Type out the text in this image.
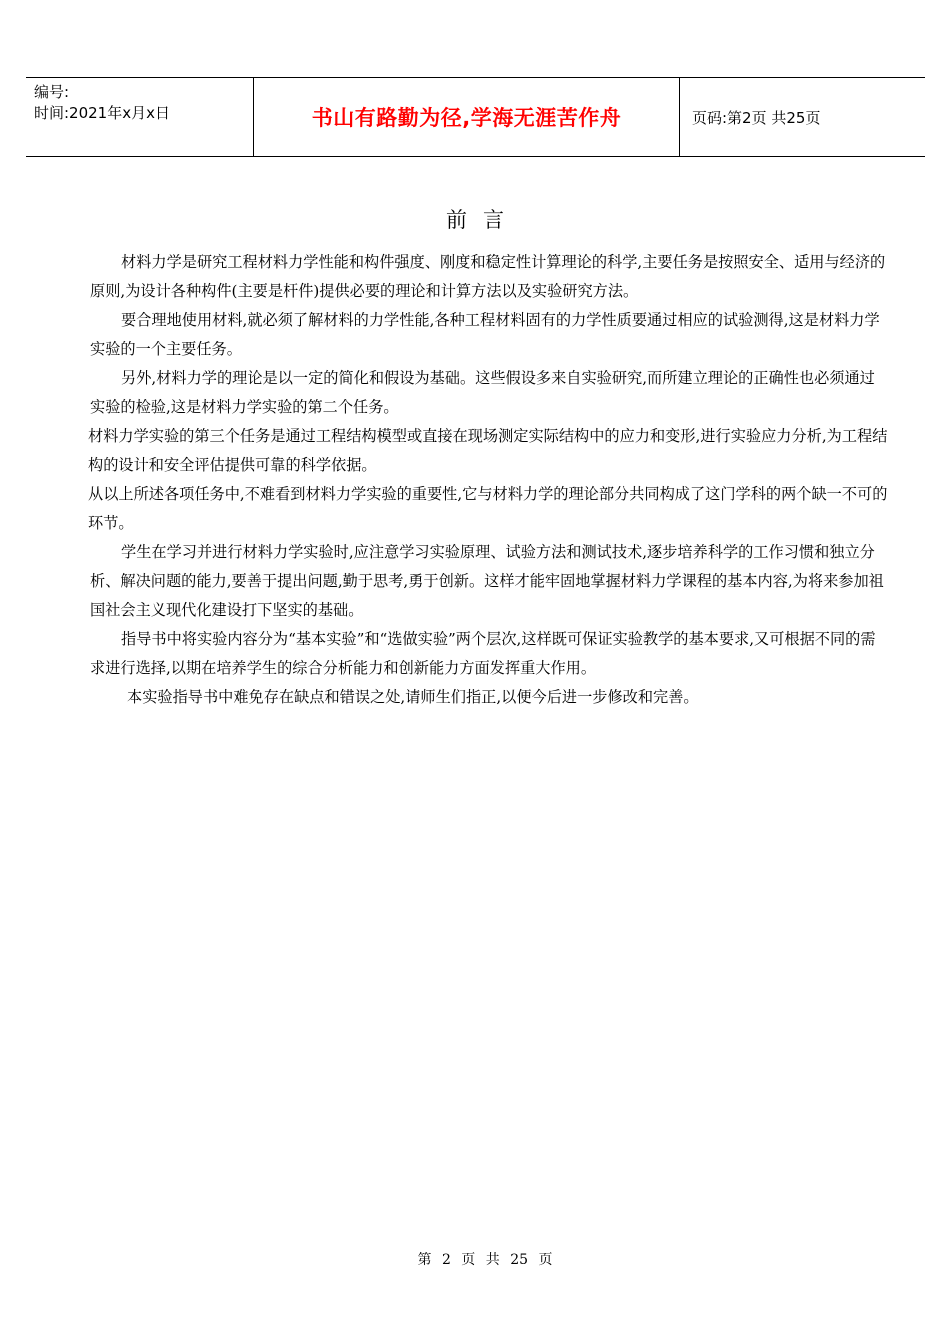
编号:
时间:2021年x月x日	书山有路勤为径,学海无涯苦作舟	页码:第2页 共25页
前言

材料力学是研究工程材料力学性能和构件强度、刚度和稳定性计算理论的科学,主要任务是按照安全、适用与经济的原则,为设计各种构件(主要是杆件)提供必要的理论和计算方法以及实验研究方法。

要合理地使用材料,就必须了解材料的力学性能,各种工程材料固有的力学性质要通过相应的试验测得,这是材料力学实验的一个主要任务。

另外,材料力学的理论是以一定的简化和假设为基础。这些假设多来自实验研究,而所建立理论的正确性也必须通过实验的检验,这是材料力学实验的第二个任务。

材料力学实验的第三个任务是通过工程结构模型或直接在现场测定实际结构中的应力和变形,进行实验应力分析,为工程结构的设计和安全评估提供可靠的科学依据。

从以上所述各项任务中,不难看到材料力学实验的重要性,它与材料力学的理论部分共同构成了这门学科的两个缺一不可的环节。

学生在学习并进行材料力学实验时,应注意学习实验原理、试验方法和测试技术,逐步培养科学的工作习惯和独立分析、解决问题的能力,要善于提出问题,勤于思考,勇于创新。这样才能牢固地掌握材料力学课程的基本内容,为将来参加祖国社会主义现代化建设打下坚实的基础。

指导书中将实验内容分为“基本实验”和“选做实验”两个层次,这样既可保证实验教学的基本要求,又可根据不同的需求进行选择,以期在培养学生的综合分析能力和创新能力方面发挥重大作用。

本实验指导书中难免存在缺点和错误之处,请师生们指正,以便今后进一步修改和完善。

第 2 页 共 25 页
